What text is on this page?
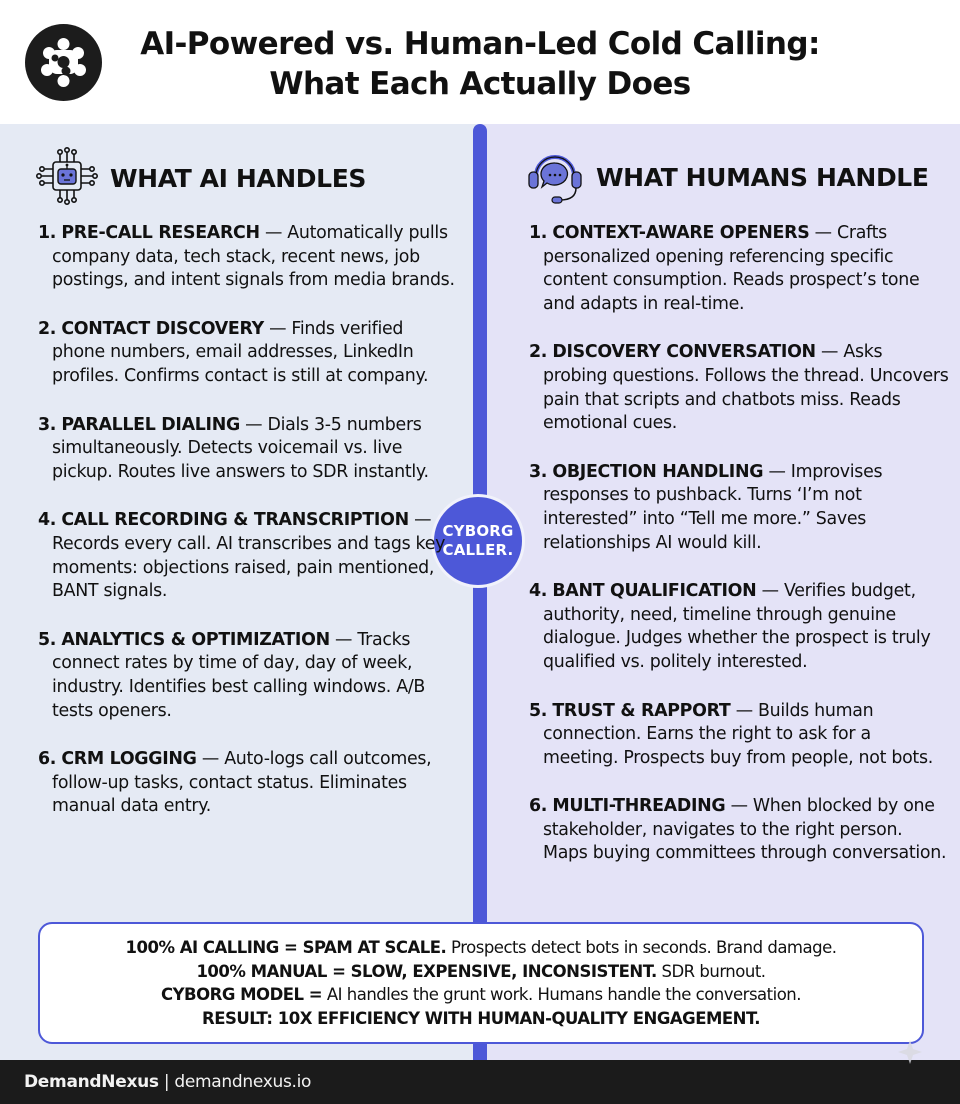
AI-Powered vs. Human-Led Cold Calling:
What Each Actually Does
CYBORG
CALLER.
WHAT AI HANDLES	WHAT HUMANS HANDLE
1. PRE-CALL RESEARCH — Automatically pulls company data, tech stack, recent news, job postings, and intent signals from media brands.
2. CONTACT DISCOVERY — Finds verified phone numbers, email addresses, LinkedIn profiles. Confirms contact is still at company.
3. PARALLEL DIALING — Dials 3-5 numbers simultaneously. Detects voicemail vs. live pickup. Routes live answers to SDR instantly.
4. CALL RECORDING & TRANSCRIPTION — Records every call. AI transcribes and tags key moments: objections raised, pain mentioned, BANT signals.
5. ANALYTICS & OPTIMIZATION — Tracks connect rates by time of day, day of week, industry. Identifies best calling windows. A/B tests openers.
6. CRM LOGGING — Auto-logs call outcomes, follow-up tasks, contact status. Eliminates manual data entry.
1. CONTEXT-AWARE OPENERS — Crafts personalized opening referencing specific content consumption. Reads prospect’s tone and adapts in real-time.
2. DISCOVERY CONVERSATION — Asks probing questions. Follows the thread. Uncovers pain that scripts and chatbots miss. Reads emotional cues.
3. OBJECTION HANDLING — Improvises responses to pushback. Turns ‘I’m not interested” into “Tell me more.” Saves relationships AI would kill.
4. BANT QUALIFICATION — Verifies budget, authority, need, timeline through genuine dialogue. Judges whether the prospect is truly qualified vs. politely interested.
5. TRUST & RAPPORT — Builds human connection. Earns the right to ask for a meeting. Prospects buy from people, not bots.
6. MULTI-THREADING — When blocked by one stakeholder, navigates to the right person. Maps buying committees through conversation.
100% AI CALLING = SPAM AT SCALE. Prospects detect bots in seconds. Brand damage.
100% MANUAL = SLOW, EXPENSIVE, INCONSISTENT. SDR burnout.
CYBORG MODEL = AI handles the grunt work. Humans handle the conversation.
RESULT: 10X EFFICIENCY WITH HUMAN-QUALITY ENGAGEMENT.
DemandNexus | demandnexus.io
